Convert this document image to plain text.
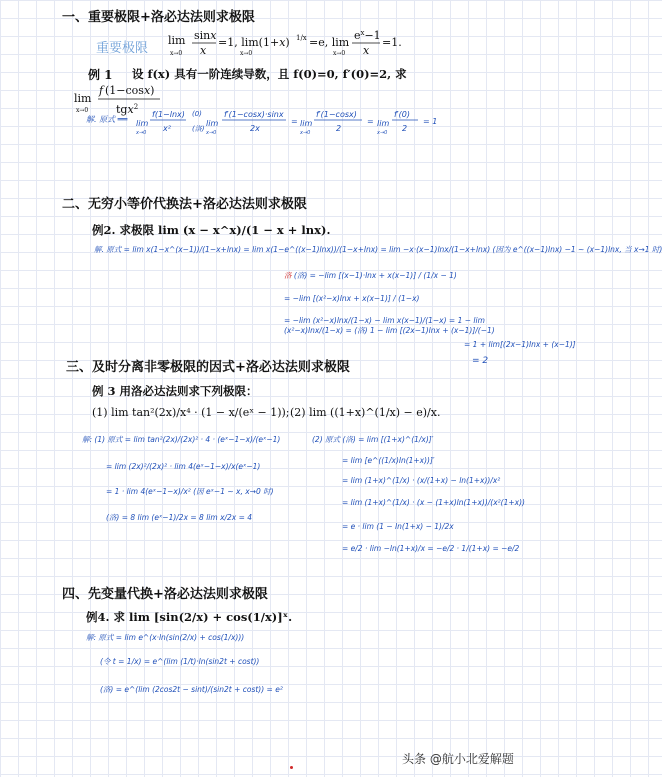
一、重要极限+洛必达法则求极限
重要极限
lim
x→0
sinx
x
=1, lim(1+x)
x→0
1/x =e, lim
x→0
$e^x-1$
x
=1.
例 1 设 f(x) 具有一阶连续导数，且 f(0)=0, f′(0)=2, 求
lim
x→0
f (1−cosx)
tgx$^2$
解. 原式 ══ lim
x→0
f(1−lnx)
x²
(0)
(洛)
lim
x→0
f′(1−cosx)·sinx
2x
= lim
x→0
f′(1−cosx)
2
= lim
x→0
f′(0)
2
= 1
二、无穷小等价代换法+洛必达法则求极限
例2. 求极限 lim (x − x^x)/(1 − x + lnx).
解. 原式 = lim x(1−x^(x−1))/(1−x+lnx) = lim x(1−e^((x−1)lnx))/(1−x+lnx) = lim −x·(x−1)lnx/(1−x+lnx) (因为 e^((x−1)lnx) −1 ~ (x−1)lnx, 当 x→1 时)
洛 (洛) = −lim [(x−1)·lnx + x(x−1)] / (1/x − 1)
= −lim [(x²−x)lnx + x(x−1)] / (1−x)
= −lim (x²−x)lnx/(1−x) − lim x(x−1)/(1−x) = 1 − lim (x²−x)lnx/(1−x) = (洛) 1 − lim [(2x−1)lnx + (x−1)]/(−1)
= 1 + lim[(2x−1)lnx + (x−1)]
= 2
三、及时分离非零极限的因式+洛必达法则求极限
例 3 用洛必达法则求下列极限：
(1) lim tan²(2x)/x⁴ · (1 − x/(eˣ − 1)); (2) lim ((1+x)^(1/x) − e)/x.
解: (1) 原式 = lim tan²(2x)/(2x)² · 4 · (eˣ−1−x)/(eˣ−1)
= lim (2x)²/(2x)² · lim 4(eˣ−1−x)/x(eˣ−1)
= 1 · lim 4(eˣ−1−x)/x² (因 eˣ−1 ~ x, x→0 时)
(洛) = 8 lim (eˣ−1)/2x = 8 lim x/2x = 4
(2) 原式 (洛) = lim [(1+x)^(1/x)]′
= lim [e^((1/x)ln(1+x))]′
= lim (1+x)^(1/x) · (x/(1+x) − ln(1+x))/x²
= lim (1+x)^(1/x) · (x − (1+x)ln(1+x))/(x²(1+x))
= e · lim (1 − ln(1+x) − 1)/2x
= e/2 · lim −ln(1+x)/x = −e/2 · 1/(1+x) = −e/2
四、先变量代换+洛必达法则求极限
例4. 求 lim [sin(2/x) + cos(1/x)]ˣ.
解: 原式 = lim e^(x·ln(sin(2/x) + cos(1/x)))
(令 t = 1/x) = e^(lim (1/t)·ln(sin2t + cost))
(洛) = e^(lim (2cos2t − sint)/(sin2t + cost)) = e²
头条 @航小北爱解题
